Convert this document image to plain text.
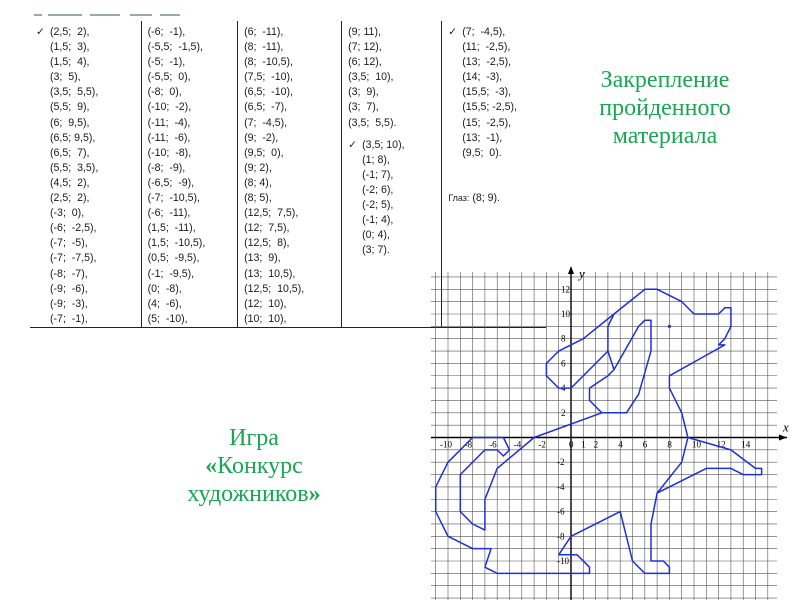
✓ (2,5;  2),
(1,5;  3),
(1,5;  4),
(3;  5),
(3,5;  5,5),
(5,5;  9),
(6;  9,5),
(6,5; 9,5),
(6,5;  7),
(5,5;  3,5),
(4,5;  2),
(2,5;  2),
(-3;  0),
(-6;  -2,5),
(-7;  -5),
(-7;  -7,5),
(-8;  -7),
(-9;  -6),
(-9;  -3),
(-7;  -1),

(-6;  -1),
(-5,5;  -1,5),
(-5;  -1),
(-5,5;  0),
(-8;  0),
(-10;  -2),
(-11;  -4),
(-11;  -6),
(-10;  -8),
(-8;  -9),
(-6,5;  -9),
(-7;  -10,5),
(-6;  -11),
(1,5;  -11),
(1,5;  -10,5),
(0,5;  -9,5),
(-1;  -9,5),
(0;  -8),
(4;  -6),
(5;  -10),

(6;  -11),
(8;  -11),
(8;  -10,5),
(7,5;  -10),
(6,5;  -10),
(6,5;  -7),
(7;  -4,5),
(9;  -2),
(9,5;  0),
(9; 2),
(8; 4),
(8; 5),
(12,5;  7,5),
(12;  7,5),
(12,5;  8),
(13;  9),
(13;  10,5),
(12,5;  10,5),
(12;  10),
(10;  10),

(9; 11),
(7; 12),
(6; 12),
(3,5;  10),
(3;  9),
(3;  7),
(3,5;  5,5).
✓ (3,5; 10),
(1; 8),
(-1; 7),
(-2; 6),
(-2; 5),
(-1; 4),
(0; 4),
(3; 7).

✓ (7;  -4,5),
(11;  -2,5),
(13;  -2,5),
(14;  -3),
(15,5;  -3),
(15,5; -2,5),
(15;  -2,5),
(13;  -1),
(9,5;  0).
Глаз: (8; 9).
Закрепление
пройденного
материала
Игра
«Конкурс
художников»
x
y
-10 -8 -6 -4 -2	0 1 2 4 6 8 10 12 14
12
10
8
6
4
2
-2
-4
-6
-8
-10
